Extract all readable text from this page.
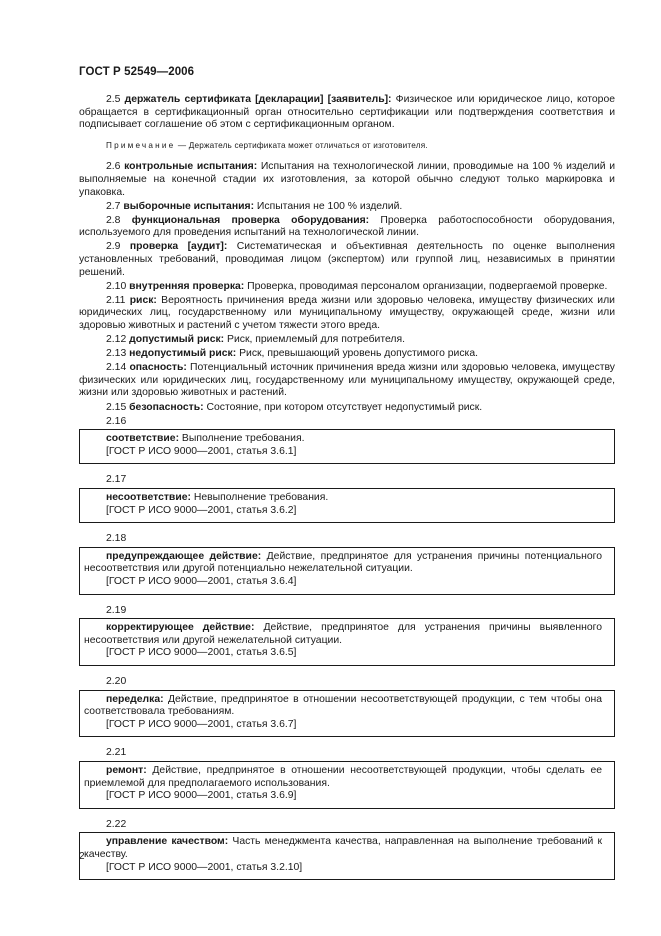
ГОСТ Р 52549—2006

2.5 держатель сертификата [декларации] [заявитель]: Физическое или юридическое лицо, которое обращается в сертификационный орган относительно сертификации или подтверждения соответствия и подписывает соглашение об этом с сертификационным органом.

Примечание — Держатель сертификата может отличаться от изготовителя.

2.6 контрольные испытания: Испытания на технологической линии, проводимые на 100 % изделий и выполняемые на конечной стадии их изготовления, за которой обычно следуют только маркировка и упаковка.

2.7 выборочные испытания: Испытания не 100 % изделий.

2.8 функциональная проверка оборудования: Проверка работоспособности оборудования, используемого для проведения испытаний на технологической линии.

2.9 проверка [аудит]: Систематическая и объективная деятельность по оценке выполнения установленных требований, проводимая лицом (экспертом) или группой лиц, независимых в принятии решений.

2.10 внутренняя проверка: Проверка, проводимая персоналом организации, подвергаемой проверке.

2.11 риск: Вероятность причинения вреда жизни или здоровью человека, имуществу физических или юридических лиц, государственному или муниципальному имуществу, окружающей среде, жизни или здоровью животных и растений с учетом тяжести этого вреда.

2.12 допустимый риск: Риск, приемлемый для потребителя.

2.13 недопустимый риск: Риск, превышающий уровень допустимого риска.

2.14 опасность: Потенциальный источник причинения вреда жизни или здоровью человека, имуществу физических или юридических лиц, государственному или муниципальному имуществу, окружающей среде, жизни или здоровью животных и растений.

2.15 безопасность: Состояние, при котором отсутствует недопустимый риск.

2.16

соответствие: Выполнение требования.

[ГОСТ Р ИСО 9000—2001, статья 3.6.1]
2.17

несоответствие: Невыполнение требования.

[ГОСТ Р ИСО 9000—2001, статья 3.6.2]
2.18

предупреждающее действие: Действие, предпринятое для устранения причины потенциального несоответствия или другой потенциально нежелательной ситуации.

[ГОСТ Р ИСО 9000—2001, статья 3.6.4]
2.19

корректирующее действие: Действие, предпринятое для устранения причины выявленного несоответствия или другой нежелательной ситуации.

[ГОСТ Р ИСО 9000—2001, статья 3.6.5]
2.20

переделка: Действие, предпринятое в отношении несоответствующей продукции, с тем чтобы она соответствовала требованиям.

[ГОСТ Р ИСО 9000—2001, статья 3.6.7]
2.21

ремонт: Действие, предпринятое в отношении несоответствующей продукции, чтобы сделать ее приемлемой для предполагаемого использования.

[ГОСТ Р ИСО 9000—2001, статья 3.6.9]
2.22

управление качеством: Часть менеджмента качества, направленная на выполнение требований к качеству.

[ГОСТ Р ИСО 9000—2001, статья 3.2.10]
2
